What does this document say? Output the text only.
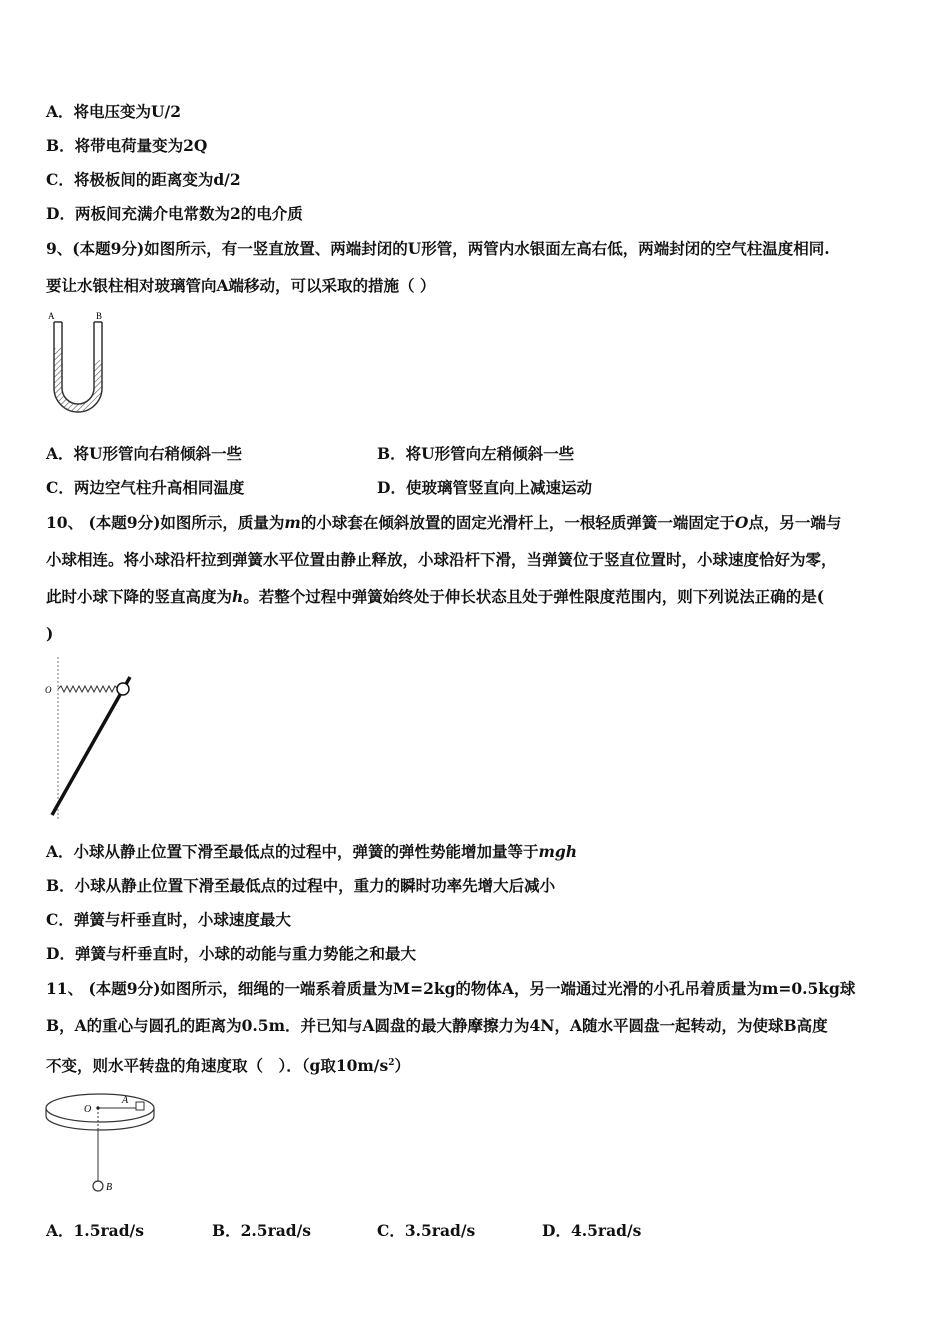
A．将电压变为U/2
B．将带电荷量变为2Q
C．将极板间的距离变为d/2
D．两板间充满介电常数为2的电介质
9、(本题9分)如图所示，有一竖直放置、两端封闭的U形管，两管内水银面左高右低，两端封闭的空气柱温度相同.
要让水银柱相对玻璃管向A端移动，可以采取的措施（ ）
A	B
A．将U形管向右稍倾斜一些	B．将U形管向左稍倾斜一些
C．两边空气柱升高相同温度	D．使玻璃管竖直向上减速运动
10、 (本题9分)如图所示，质量为m的小球套在倾斜放置的固定光滑杆上，一根轻质弹簧一端固定于O点，另一端与
小球相连。将小球沿杆拉到弹簧水平位置由静止释放，小球沿杆下滑，当弹簧位于竖直位置时，小球速度恰好为零，
此时小球下降的竖直高度为h。若整个过程中弹簧始终处于伸长状态且处于弹性限度范围内，则下列说法正确的是(
)
O
A．小球从静止位置下滑至最低点的过程中，弹簧的弹性势能增加量等于mgh
B．小球从静止位置下滑至最低点的过程中，重力的瞬时功率先增大后减小
C．弹簧与杆垂直时，小球速度最大
D．弹簧与杆垂直时，小球的动能与重力势能之和最大
11、 (本题9分)如图所示，细绳的一端系着质量为M=2kg的物体A，另一端通过光滑的小孔吊着质量为m=0.5kg球
B，A的重心与圆孔的距离为0.5m．并已知与A圆盘的最大静摩擦力为4N，A随水平圆盘一起转动，为使球B高度
不变，则水平转盘的角速度取（　）．（g取$10m/s^2$）
O
A
B
A．1.5rad/s	B．2.5rad/s	C．3.5rad/s	D．4.5rad/s
